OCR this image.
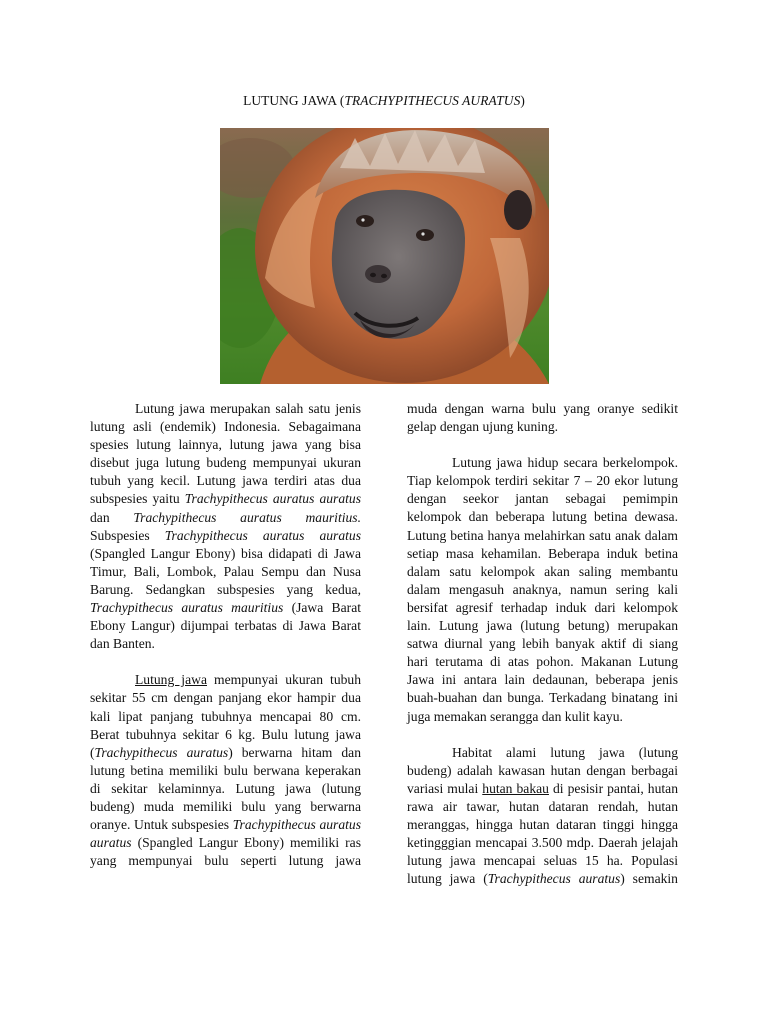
LUTUNG JAWA (TRACHYPITHECUS AURATUS)

Lutung jawa merupakan salah satu jenis lutung asli (endemik) Indonesia. Sebagaimana spesies lutung lainnya, lutung jawa yang bisa disebut juga lutung budeng mempunyai ukuran tubuh yang kecil. Lutung jawa terdiri atas dua subspesies yaitu Trachypithecus auratus auratus dan Trachypithecus auratus mauritius. Subspesies Trachypithecus auratus auratus (Spangled Langur Ebony) bisa didapati di Jawa Timur, Bali, Lombok, Palau Sempu dan Nusa Barung. Sedangkan subspesies yang kedua, Trachypithecus auratus mauritius (Jawa Barat Ebony Langur) dijumpai terbatas di Jawa Barat dan Banten.

Lutung jawa mempunyai ukuran tubuh sekitar 55 cm dengan panjang ekor hampir dua kali lipat panjang tubuhnya mencapai 80 cm. Berat tubuhnya sekitar 6 kg. Bulu lutung jawa (Trachypithecus auratus) berwarna hitam dan lutung betina memiliki bulu berwana keperakan di sekitar kelaminnya. Lutung jawa (lutung budeng) muda memiliki bulu yang berwarna oranye. Untuk subspesies Trachypithecus auratus auratus (Spangled Langur Ebony) memiliki ras yang mempunyai bulu seperti lutung jawa

muda dengan warna bulu yang oranye sedikit gelap dengan ujung kuning.

Lutung jawa hidup secara berkelompok. Tiap kelompok terdiri sekitar 7 – 20 ekor lutung dengan seekor jantan sebagai pemimpin kelompok dan beberapa lutung betina dewasa. Lutung betina hanya melahirkan satu anak dalam setiap masa kehamilan. Beberapa induk betina dalam satu kelompok akan saling membantu dalam mengasuh anaknya, namun sering kali bersifat agresif terhadap induk dari kelompok lain. Lutung jawa (lutung betung) merupakan satwa diurnal yang lebih banyak aktif di siang hari terutama di atas pohon. Makanan Lutung Jawa ini antara lain dedaunan, beberapa jenis buah-buahan dan bunga. Terkadang binatang ini juga memakan serangga dan kulit kayu.

Habitat alami lutung jawa (lutung budeng) adalah kawasan hutan dengan berbagai variasi mulai hutan bakau di pesisir pantai, hutan rawa air tawar, hutan dataran rendah, hutan meranggas, hingga hutan dataran tinggi hingga ketingggian mencapai 3.500 mdp. Daerah jelajah lutung jawa mencapai seluas 15 ha. Populasi lutung jawa (Trachypithecus auratus) semakin
